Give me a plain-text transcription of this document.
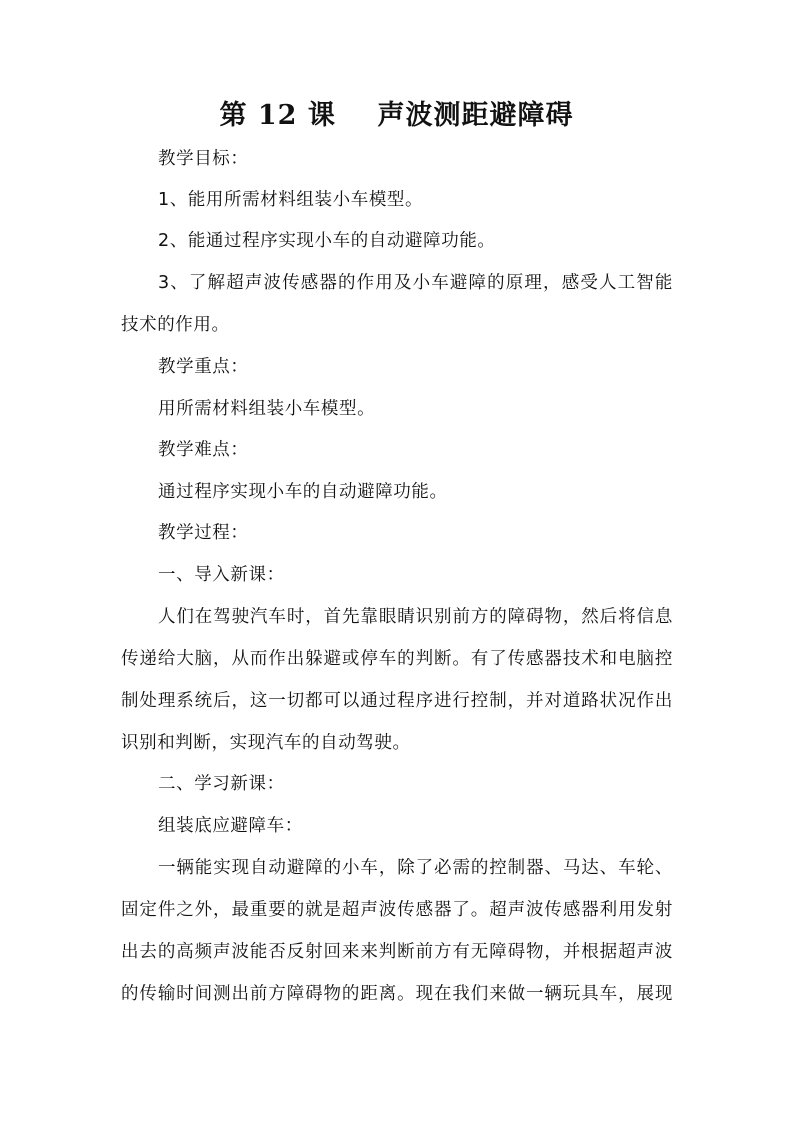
第 12 课    声波测距避障碍
教学目标：
1、能用所需材料组装小车模型。
2、能通过程序实现小车的自动避障功能。
3、了解超声波传感器的作用及小车避障的原理，感受人工智能
技术的作用。
教学重点：
用所需材料组装小车模型。
教学难点：
通过程序实现小车的自动避障功能。
教学过程：
一、导入新课：
人们在驾驶汽车时，首先靠眼睛识别前方的障碍物，然后将信息
传递给大脑，从而作出躲避或停车的判断。有了传感器技术和电脑控
制处理系统后，这一切都可以通过程序进行控制，并对道路状况作出
识别和判断，实现汽车的自动驾驶。
二、学习新课：
组装底应避障车：
一辆能实现自动避障的小车，除了必需的控制器、马达、车轮、
固定件之外，最重要的就是超声波传感器了。超声波传感器利用发射
出去的高频声波能否反射回来来判断前方有无障碍物，并根据超声波
的传输时间测出前方障碍物的距离。现在我们来做一辆玩具车，展现
